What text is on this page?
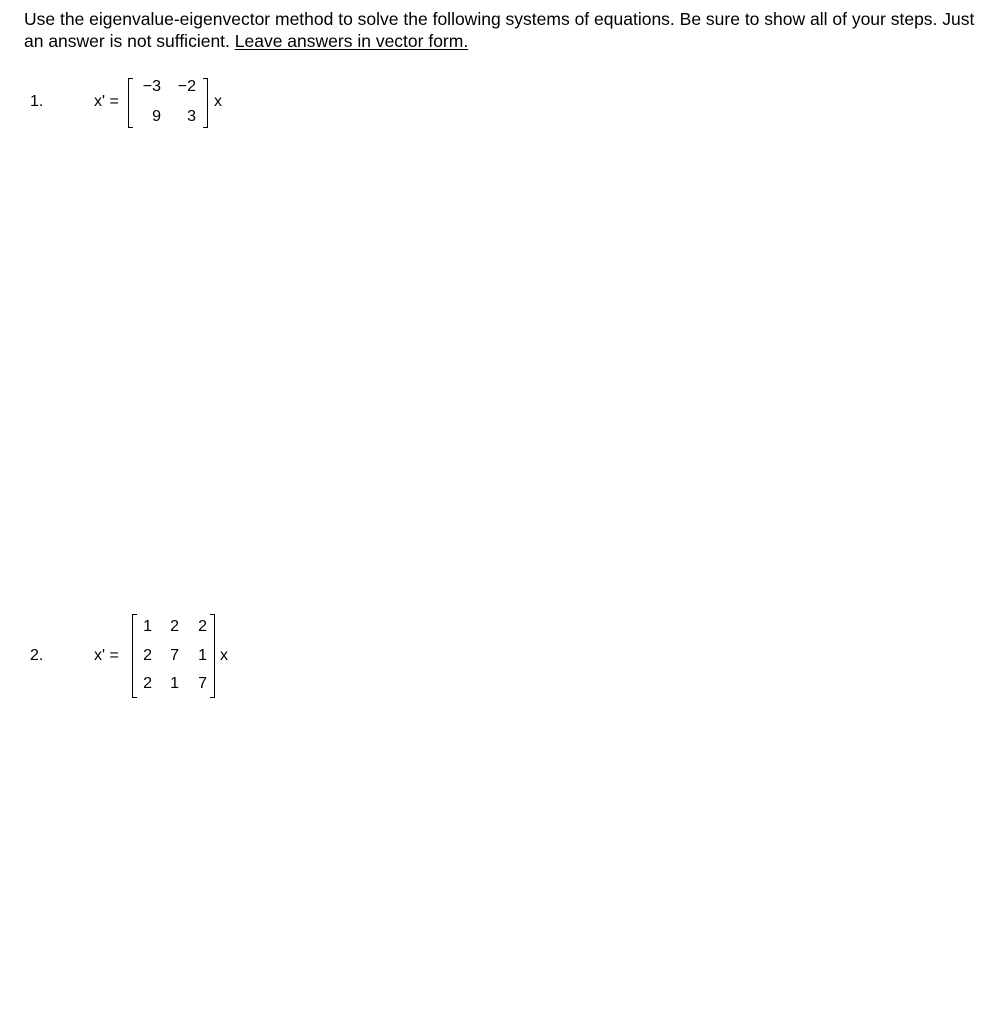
Use the eigenvalue-eigenvector method to solve the following systems of equations. Be sure to show all of your steps. Just an answer is not sufficient. Leave answers in vector form.

1.	x' =
−3	−2
9	3
x
2.	x' =
1	2	2
2	7	1
2	1	7
x
